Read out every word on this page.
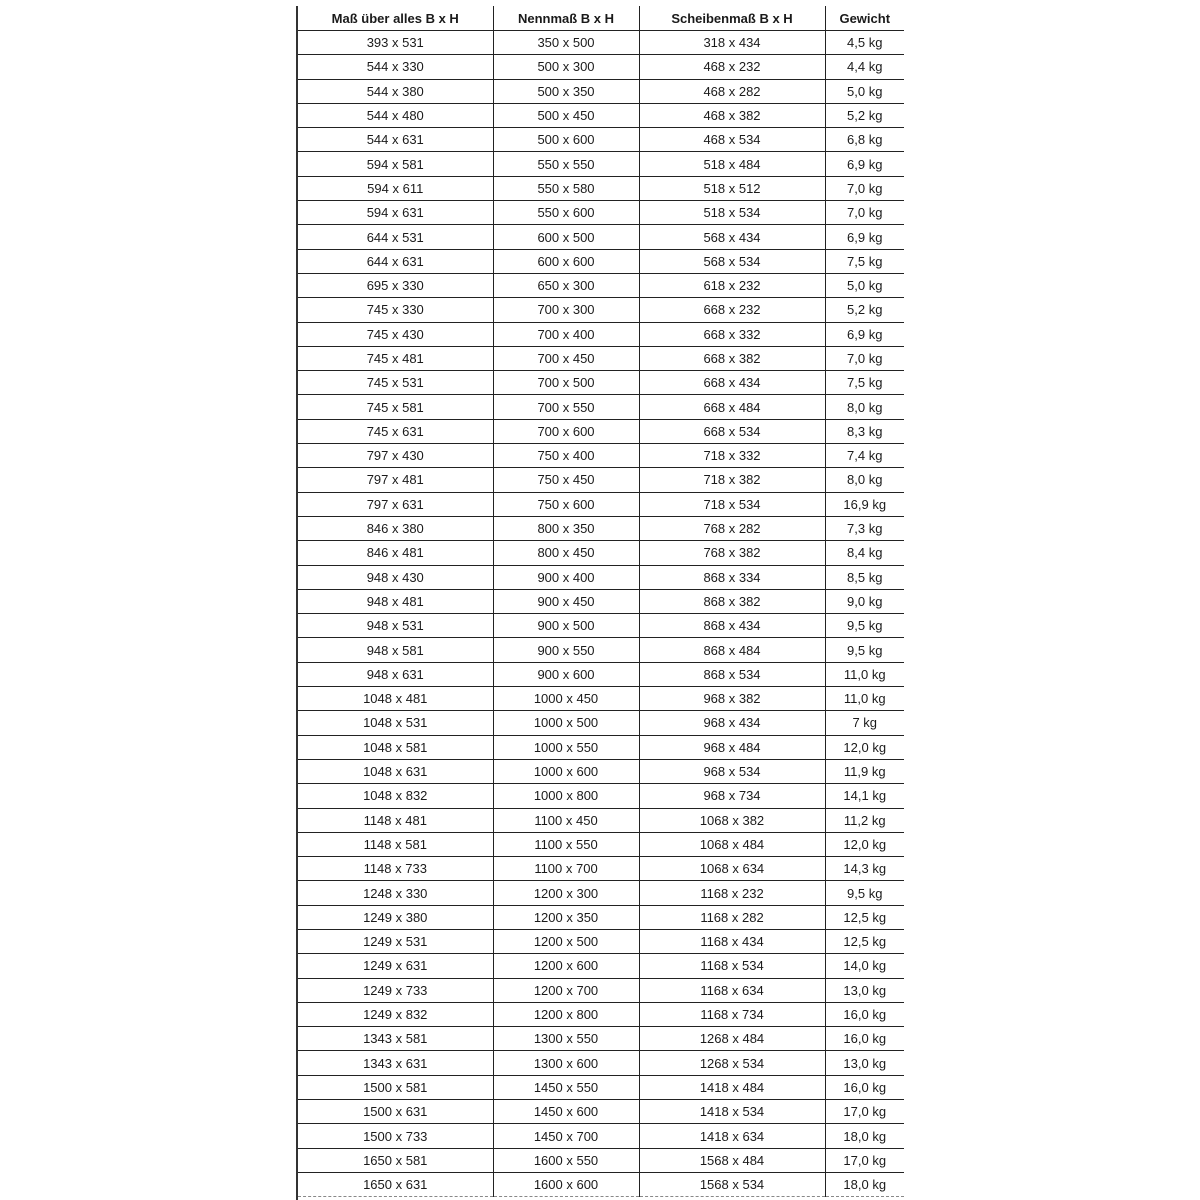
Maß über alles B x H	Nennmaß B x H	Scheibenmaß B x H	Gewicht
393 x 531	350 x 500	318 x 434	4,5 kg
544 x 330	500 x 300	468 x 232	4,4 kg
544 x 380	500 x 350	468 x 282	5,0 kg
544 x 480	500 x 450	468 x 382	5,2 kg
544 x 631	500 x 600	468 x 534	6,8 kg
594 x 581	550 x 550	518 x 484	6,9 kg
594 x 611	550 x 580	518 x 512	7,0 kg
594 x 631	550 x 600	518 x 534	7,0 kg
644 x 531	600 x 500	568 x 434	6,9 kg
644 x 631	600 x 600	568 x 534	7,5 kg
695 x 330	650 x 300	618 x 232	5,0 kg
745 x 330	700 x 300	668 x 232	5,2 kg
745 x 430	700 x 400	668 x 332	6,9 kg
745 x 481	700 x 450	668 x 382	7,0 kg
745 x 531	700 x 500	668 x 434	7,5 kg
745 x 581	700 x 550	668 x 484	8,0 kg
745 x 631	700 x 600	668 x 534	8,3 kg
797 x 430	750 x 400	718 x 332	7,4 kg
797 x 481	750 x 450	718 x 382	8,0 kg
797 x 631	750 x 600	718 x 534	16,9 kg
846 x 380	800 x 350	768 x 282	7,3 kg
846 x 481	800 x 450	768 x 382	8,4 kg
948 x 430	900 x 400	868 x 334	8,5 kg
948 x 481	900 x 450	868 x 382	9,0 kg
948 x 531	900 x 500	868 x 434	9,5 kg
948 x 581	900 x 550	868 x 484	9,5 kg
948 x 631	900 x 600	868 x 534	11,0 kg
1048 x 481	1000 x 450	968 x 382	11,0 kg
1048 x 531	1000 x 500	968 x 434	7 kg
1048 x 581	1000 x 550	968 x 484	12,0 kg
1048 x 631	1000 x 600	968 x 534	11,9 kg
1048 x 832	1000 x 800	968 x 734	14,1 kg
1148 x 481	1100 x 450	1068 x 382	11,2 kg
1148 x 581	1100 x 550	1068 x 484	12,0 kg
1148 x 733	1100 x 700	1068 x 634	14,3 kg
1248 x 330	1200 x 300	1168 x 232	9,5 kg
1249 x 380	1200 x 350	1168 x 282	12,5 kg
1249 x 531	1200 x 500	1168 x 434	12,5 kg
1249 x 631	1200 x 600	1168 x 534	14,0 kg
1249 x 733	1200 x 700	1168 x 634	13,0 kg
1249 x 832	1200 x 800	1168 x 734	16,0 kg
1343 x 581	1300 x 550	1268 x 484	16,0 kg
1343 x 631	1300 x 600	1268 x 534	13,0 kg
1500 x 581	1450 x 550	1418 x 484	16,0 kg
1500 x 631	1450 x 600	1418 x 534	17,0 kg
1500 x 733	1450 x 700	1418 x 634	18,0 kg
1650 x 581	1600 x 550	1568 x 484	17,0 kg
1650 x 631	1600 x 600	1568 x 534	18,0 kg
